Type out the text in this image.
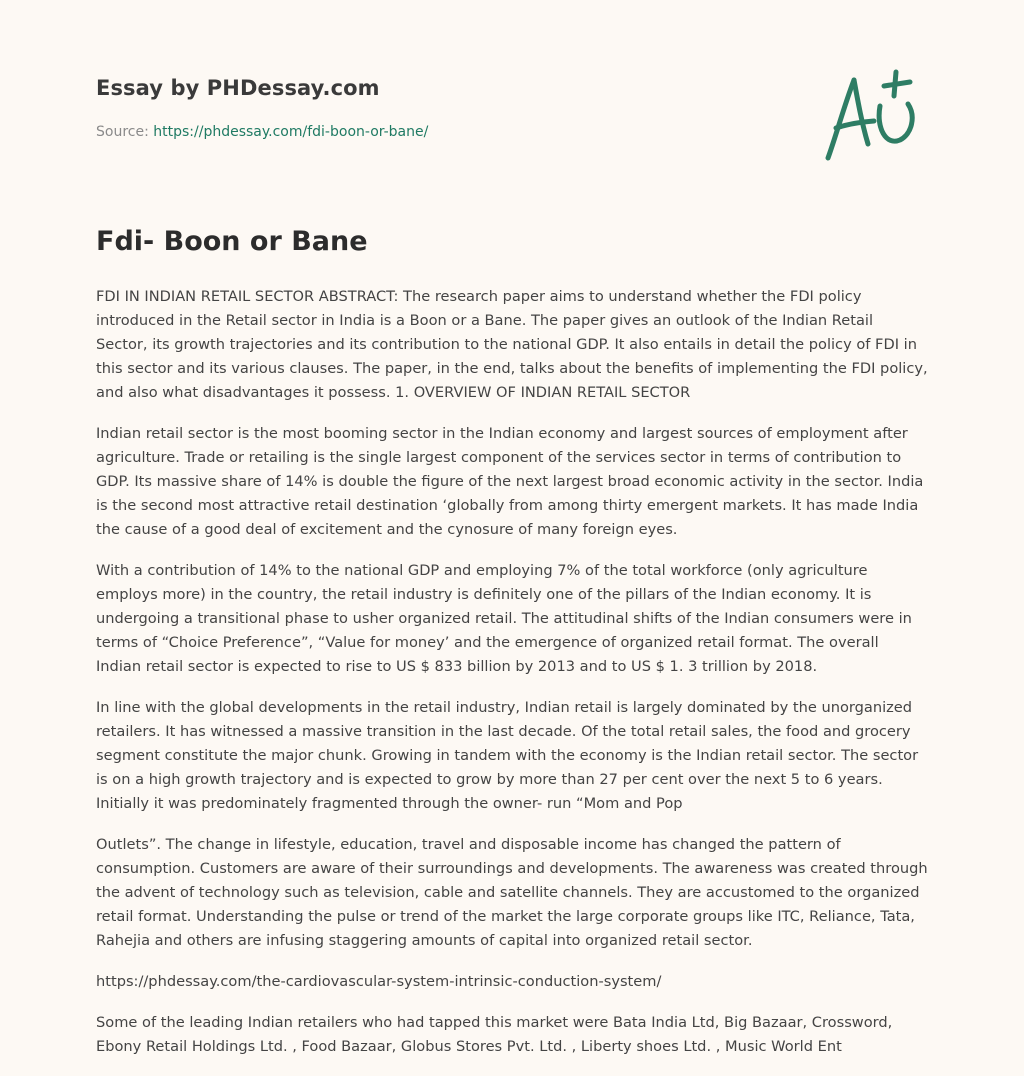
Essay by PHDessay.com

Source: https://phdessay.com/fdi-boon-or-bane/

Fdi- Boon or Bane

FDI IN INDIAN RETAIL SECTOR ABSTRACT: The research paper aims to understand whether the FDI policy introduced in the Retail sector in India is a Boon or a Bane. The paper gives an outlook of the Indian Retail Sector, its growth trajectories and its contribution to the national GDP. It also entails in detail the policy of FDI in this sector and its various clauses. The paper, in the end, talks about the benefits of implementing the FDI policy, and also what disadvantages it possess. 1. OVERVIEW OF INDIAN RETAIL SECTOR

Indian retail sector is the most booming sector in the Indian economy and largest sources of employment after agriculture. Trade or retailing is the single largest component of the services sector in terms of contribution to GDP. Its massive share of 14% is double the figure of the next largest broad economic activity in the sector. India is the second most attractive retail destination ‘globally from among thirty emergent markets. It has made India the cause of a good deal of excitement and the cynosure of many foreign eyes.

With a contribution of 14% to the national GDP and employing 7% of the total workforce (only agriculture employs more) in the country, the retail industry is definitely one of the pillars of the Indian economy. It is undergoing a transitional phase to usher organized retail. The attitudinal shifts of the Indian consumers were in terms of “Choice Preference”, “Value for money’ and the emergence of organized retail format. The overall Indian retail sector is expected to rise to US $ 833 billion by 2013 and to US $ 1. 3 trillion by 2018.

In line with the global developments in the retail industry, Indian retail is largely dominated by the unorganized retailers. It has witnessed a massive transition in the last decade. Of the total retail sales, the food and grocery segment constitute the major chunk. Growing in tandem with the economy is the Indian retail sector. The sector is on a high growth trajectory and is expected to grow by more than 27 per cent over the next 5 to 6 years. Initially it was predominately fragmented through the owner- run “Mom and Pop

Outlets”. The change in lifestyle, education, travel and disposable income has changed the pattern of consumption. Customers are aware of their surroundings and developments. The awareness was created through the advent of technology such as television, cable and satellite channels. They are accustomed to the organized retail format. Understanding the pulse or trend of the market the large corporate groups like ITC, Reliance, Tata, Rahejia and others are infusing staggering amounts of capital into organized retail sector.

https://phdessay.com/the-cardiovascular-system-intrinsic-conduction-system/

Some of the leading Indian retailers who had tapped this market were Bata India Ltd, Big Bazaar, Crossword, Ebony Retail Holdings Ltd. , Food Bazaar, Globus Stores Pvt. Ltd. , Liberty shoes Ltd. , Music World Ent
